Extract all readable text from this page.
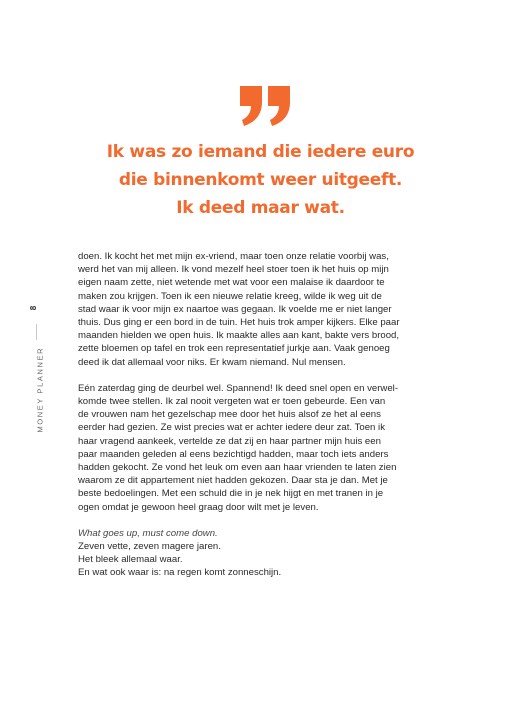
Ik was zo iemand die iedere euro
die binnenkomt weer uitgeeft.
Ik deed maar wat.
8
MONEY PLANNER
doen. Ik kocht het met mijn ex-vriend, maar toen onze relatie voorbij was,
werd het van mij alleen. Ik vond mezelf heel stoer toen ik het huis op mijn
eigen naam zette, niet wetende met wat voor een malaise ik daardoor te
maken zou krijgen. Toen ik een nieuwe relatie kreeg, wilde ik weg uit de
stad waar ik voor mijn ex naartoe was gegaan. Ik voelde me er niet langer
thuis. Dus ging er een bord in de tuin. Het huis trok amper kijkers. Elke paar
maanden hielden we open huis. Ik maakte alles aan kant, bakte vers brood,
zette bloemen op tafel en trok een representatief jurkje aan. Vaak genoeg
deed ik dat allemaal voor niks. Er kwam niemand. Nul mensen.
Eén zaterdag ging de deurbel wel. Spannend! Ik deed snel open en verwel-
komde twee stellen. Ik zal nooit vergeten wat er toen gebeurde. Een van
de vrouwen nam het gezelschap mee door het huis alsof ze het al eens
eerder had gezien. Ze wist precies wat er achter iedere deur zat. Toen ik
haar vragend aankeek, vertelde ze dat zij en haar partner mijn huis een
paar maanden geleden al eens bezichtigd hadden, maar toch iets anders
hadden gekocht. Ze vond het leuk om even aan haar vrienden te laten zien
waarom ze dit appartement niet hadden gekozen. Daar sta je dan. Met je
beste bedoelingen. Met een schuld die in je nek hijgt en met tranen in je
ogen omdat je gewoon heel graag door wilt met je leven.
What goes up, must come down.
Zeven vette, zeven magere jaren.
Het bleek allemaal waar.
En wat ook waar is: na regen komt zonneschijn.
